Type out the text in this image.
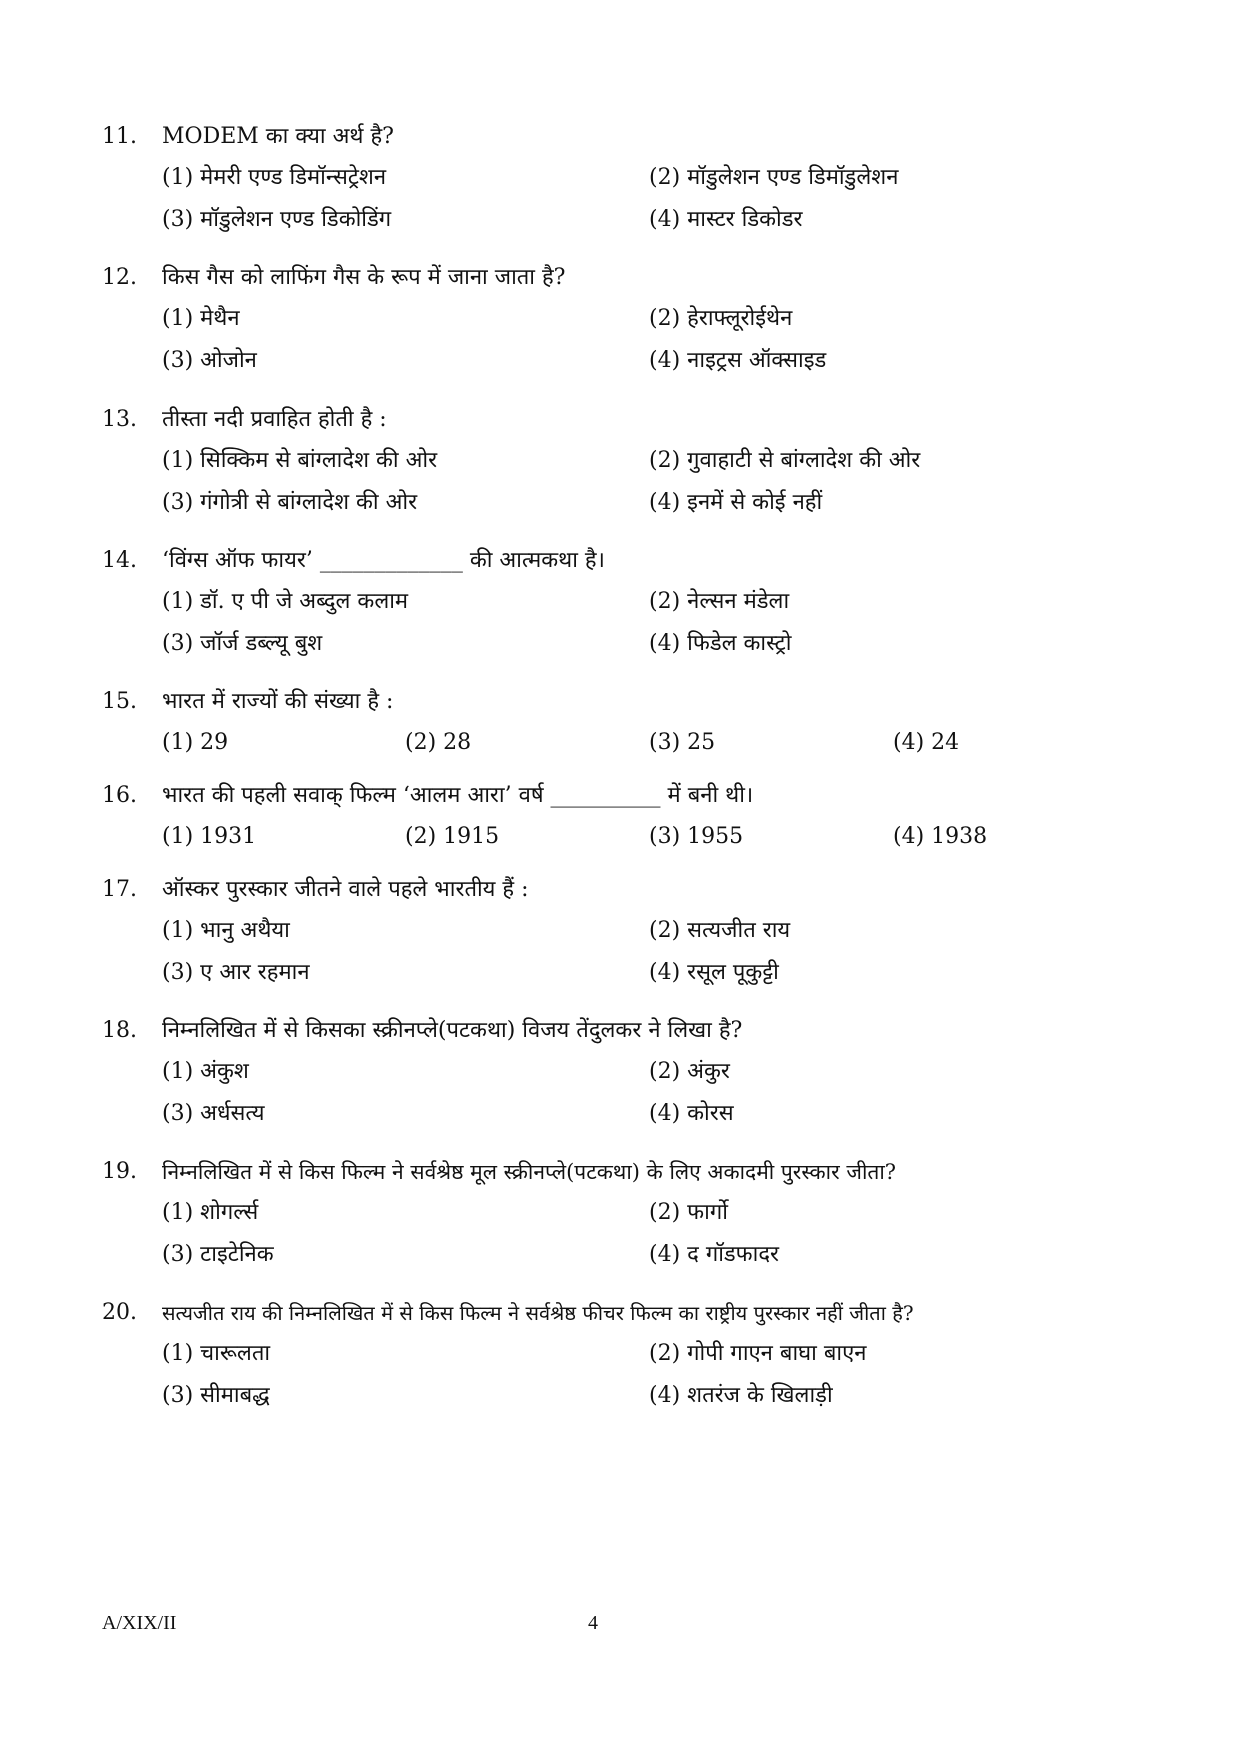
11. MODEM का क्या अर्थ है?
(1) मेमरी एण्ड डिमॉन्सट्रेशन	(2) मॉडुलेशन एण्ड डिमॉडुलेशन
(3) मॉडुलेशन एण्ड डिकोडिंग	(4) मास्टर डिकोडर
12. किस गैस को लाफिंग गैस के रूप में जाना जाता है?
(1) मेथैन	(2) हेराफ्लूरोईथेन
(3) ओजोन	(4) नाइट्रस ऑक्साइड
13. तीस्ता नदी प्रवाहित होती है :
(1) सिक्किम से बांग्लादेश की ओर	(2) गुवाहाटी से बांग्लादेश की ओर
(3) गंगोत्री से बांग्लादेश की ओर	(4) इनमें से कोई नहीं
14. ‘विंग्स ऑफ फायर’ _____________ की आत्मकथा है।
(1) डॉ. ए पी जे अब्दुल कलाम	(2) नेल्सन मंडेला
(3) जॉर्ज डब्ल्यू बुश	(4) फिडेल कास्ट्रो
15. भारत में राज्यों की संख्या है :
(1) 29	(2) 28	(3) 25	(4) 24
16. भारत की पहली सवाक् फिल्म ‘आलम आरा’ वर्ष __________ में बनी थी।
(1) 1931	(2) 1915	(3) 1955	(4) 1938
17. ऑस्कर पुरस्कार जीतने वाले पहले भारतीय हैं :
(1) भानु अथैया	(2) सत्यजीत राय
(3) ए आर रहमान	(4) रसूल पूकुट्टी
18. निम्नलिखित में से किसका स्क्रीनप्ले(पटकथा) विजय तेंदुलकर ने लिखा है?
(1) अंकुश	(2) अंकुर
(3) अर्धसत्य	(4) कोरस
19. निम्नलिखित में से किस फिल्म ने सर्वश्रेष्ठ मूल स्क्रीनप्ले(पटकथा) के लिए अकादमी पुरस्कार जीता?
(1) शोगर्ल्स	(2) फार्गो
(3) टाइटेनिक	(4) द गॉडफादर
20. सत्यजीत राय की निम्नलिखित में से किस फिल्म ने सर्वश्रेष्ठ फीचर फिल्म का राष्ट्रीय पुरस्कार नहीं जीता है?
(1) चारूलता	(2) गोपी गाएन बाघा बाएन
(3) सीमाबद्ध	(4) शतरंज के खिलाड़ी
A/XIX/II	4
